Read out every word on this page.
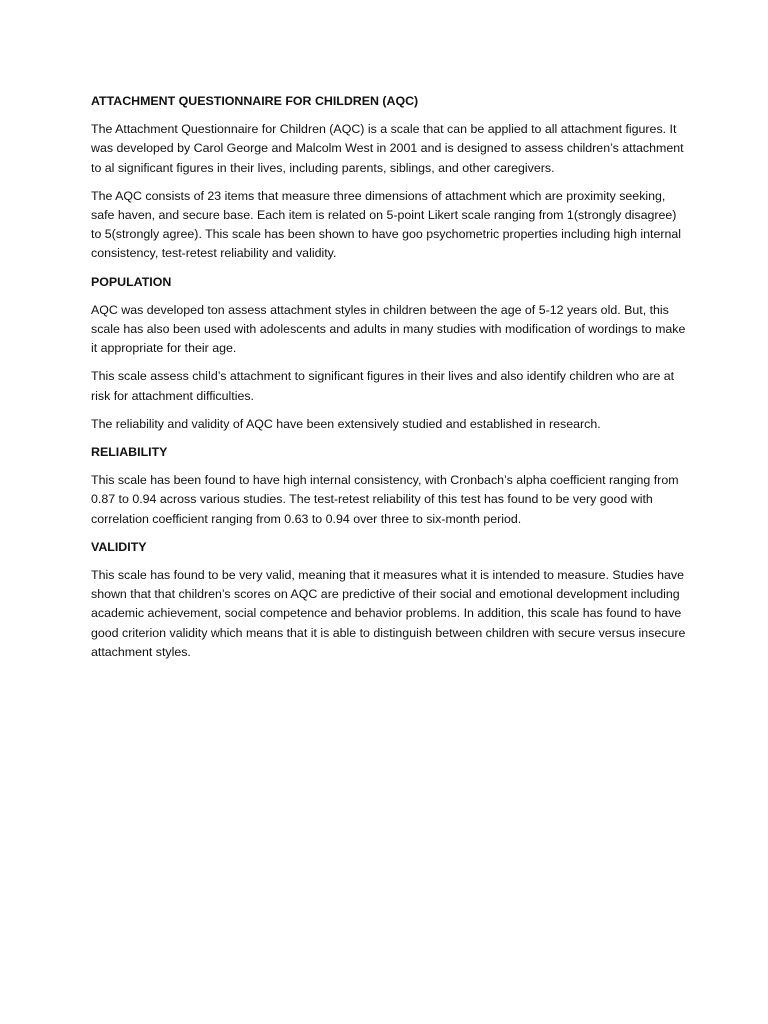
ATTACHMENT QUESTIONNAIRE FOR CHILDREN (AQC)

The Attachment Questionnaire for Children (AQC) is a scale that can be applied to all attachment figures. It was developed by Carol George and Malcolm West in 2001 and is designed to assess children’s attachment to al significant figures in their lives, including parents, siblings, and other caregivers.

The AQC consists of 23 items that measure three dimensions of attachment which are proximity seeking, safe haven, and secure base. Each item is related on 5-point Likert scale ranging from 1(strongly disagree) to 5(strongly agree). This scale has been shown to have goo psychometric properties including high internal consistency, test-retest reliability and validity.

POPULATION

AQC was developed ton assess attachment styles in children between the age of 5-12 years old. But, this scale has also been used with adolescents and adults in many studies with modification of wordings to make it appropriate for their age.

This scale assess child’s attachment to significant figures in their lives and also identify children who are at risk for attachment difficulties.

The reliability and validity of AQC have been extensively studied and established in research.

RELIABILITY

This scale has been found to have high internal consistency, with Cronbach’s alpha coefficient ranging from 0.87 to 0.94 across various studies. The test-retest reliability of this test has found to be very good with correlation coefficient ranging from 0.63 to 0.94 over three to six-month period.

VALIDITY

This scale has found to be very valid, meaning that it measures what it is intended to measure. Studies have shown that that children’s scores on AQC are predictive of their social and emotional development including academic achievement, social competence and behavior problems. In addition, this scale has found to have good criterion validity which means that it is able to distinguish between children with secure versus insecure attachment styles.
